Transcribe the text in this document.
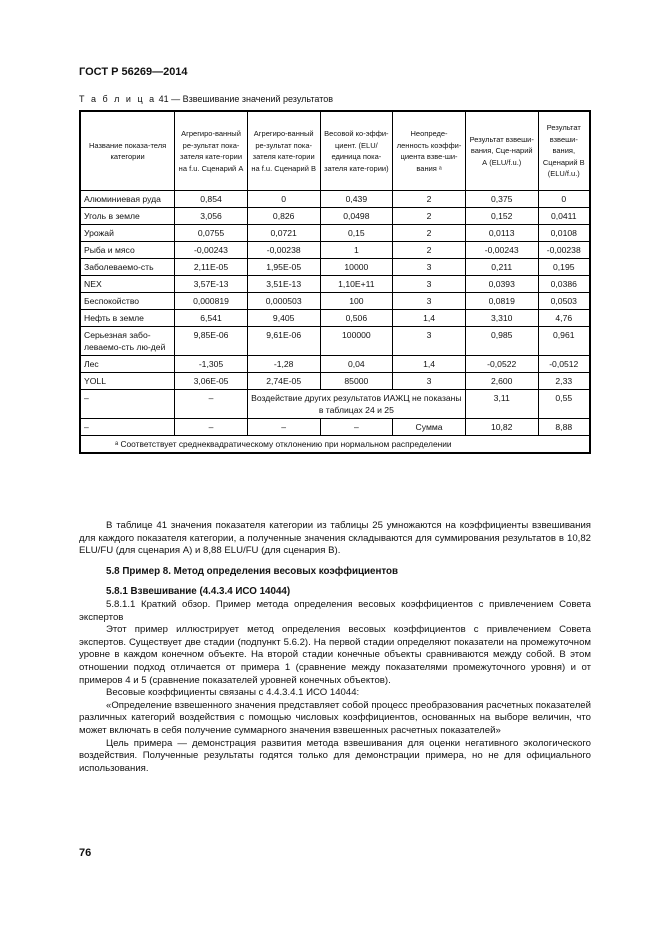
ГОСТ Р 56269—2014
Т а б л и ц а 41 — Взвешивание значений результатов
Название показа-теля категории	Агрегиро-ванный ре-зультат пока-зателя кате-гории на f.u. Сценарий А	Агрегиро-ванный ре-зультат пока-зателя кате-гории на f.u. Сценарий В	Весовой ко-эффи-циент. (ELU/ единица пока-зателя кате-гории)	Неопреде-ленность коэффи-циента взве-ши-вания ᵃ	Результат взвеши-вания, Сце-нарий А (ELU/f.u.)	Результат взвеши-вания, Сценарий В (ELU/f.u.)
Алюминиевая руда	0,854	0	0,439	2	0,375	0
Уголь в земле	3,056	0,826	0,0498	2	0,152	0,0411
Урожай	0,0755	0,0721	0,15	2	0,0113	0,0108
Рыба и мясо	-0,00243	-0,00238	1	2	-0,00243	-0,00238
Заболеваемо-сть	2,11E-05	1,95E-05	10000	3	0,211	0,195
NEX	3,57E-13	3,51E-13	1,10E+11	3	0,0393	0,0386
Беспокойство	0,000819	0,000503	100	3	0,0819	0,0503
Нефть в земле	6,541	9,405	0,506	1,4	3,310	4,76
Серьезная забо-леваемо-сть лю-дей	9,85E-06	9,61E-06	100000	3	0,985	0,961
Лес	-1,305	-1,28	0,04	1,4	-0,0522	-0,0512
YOLL	3,06E-05	2,74E-05	85000	3	2,600	2,33
–	–	Воздействие других результатов ИАЖЦ не показаны в таблицах 24 и 25			3,11	0,55
–	–	–	–	Сумма	10,82	8,88
ᵃ Соответствует среднеквадратическому отклонению при нормальном распределении						

В таблице 41 значения показателя категории из таблицы 25 умножаются на коэффициенты взвешивания для каждого показателя категории, а полученные значения складываются для суммирования результатов в 10,82 ELU/FU (для сценария А) и 8,88 ELU/FU (для сценария В).

5.8 Пример 8. Метод определения весовых коэффициентов
5.8.1 Взвешивание (4.4.3.4 ИСО 14044)

5.8.1.1 Краткий обзор. Пример метода определения весовых коэффициентов с привлечением Совета экспертов

Этот пример иллюстрирует метод определения весовых коэффициентов с привлечением Совета экспертов. Существует две стадии (подпункт 5.6.2). На первой стадии определяют показатели на промежуточном уровне в каждом конечном объекте. На второй стадии конечные объекты сравниваются между собой. В этом отношении подход отличается от примера 1 (сравнение между показателями промежуточного уровня) и от примеров 4 и 5 (сравнение показателей уровней конечных объектов).

Весовые коэффициенты связаны с 4.4.3.4.1 ИСО 14044:

«Определение взвешенного значения представляет собой процесс преобразования расчетных показателей различных категорий воздействия с помощью числовых коэффициентов, основанных на выборе величин, что может включать в себя получение суммарного значения взвешенных расчетных показателей»

Цель примера — демонстрация развития метода взвешивания для оценки негативного экологического воздействия. Полученные результаты годятся только для демонстрации примера, но не для официального использования.

76
